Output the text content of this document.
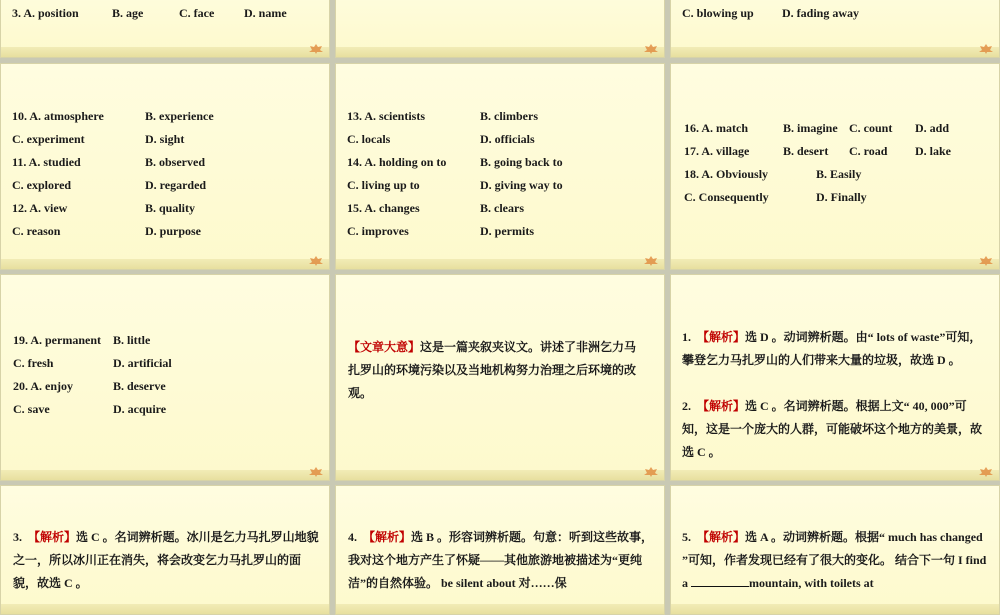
3. A. position	B. age	C. face D. name	C. blowing up D. fading away
10. A. atmosphere	B. experience
C. experiment	D. sight
11. A. studied	B. observed
C. explored	D. regarded
12. A. view	B. quality
C. reason	D. purpose
13. A. scientists	B. climbers
C. locals	D. officials
14. A. holding on to	B. going back to
C. living up to	D. giving way to
15. A. changes	B. clears
C. improves	D. permits
16. A. match	B. imagine C. count D. add
17. A. village	B. desert C. road D. lake
18. A. Obviously	B. Easily
C. Consequently	D. Finally
19. A. permanent B. little
C. fresh	D. artificial
20. A. enjoy	B. deserve
C. save	D. acquire
【文章大意】这是一篇夹叙夹议文。讲述了非洲乞力马扎罗山的环境污染以及当地机构努力治理之后环境的改观。
1. 【解析】选 D 。动词辨析题。由“ lots of waste”可知，攀登乞力马扎罗山的人们带来大量的垃圾，故选 D 。
2. 【解析】选 C 。名词辨析题。根据上文“ 40, 000”可知，这是一个庞大的人群，可能破坏这个地方的美景，故选 C 。
3. 【解析】选 C 。名词辨析题。冰川是乞力马扎罗山地貌之一，所以冰川正在消失，将会改变乞力马扎罗山的面貌，故选 C 。
4. 【解析】选 B 。形容词辨析题。句意：听到这些故事，我对这个地方产生了怀疑——其他旅游地被描述为“更纯洁”的自然体验。 be silent about 对……保
5. 【解析】选 A 。动词辨析题。根据“ much has changed ”可知，作者发现已经有了很大的变化。 结合下一句 I find a	mountain, with toilets at
